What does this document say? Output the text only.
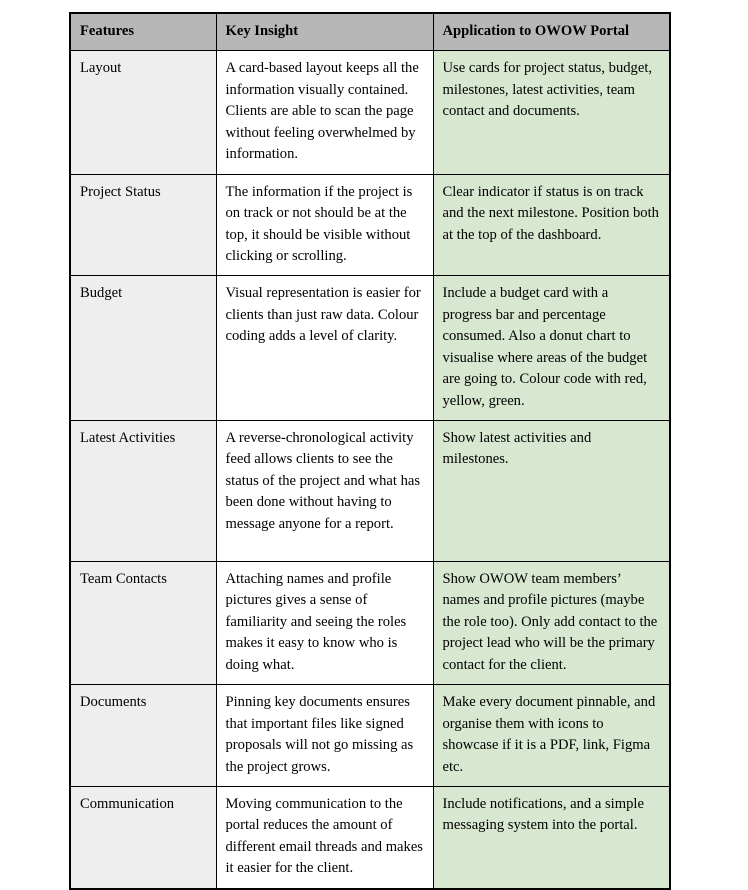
Features	Key Insight	Application to OWOW Portal
Layout	A card-based layout keeps all the information visually contained. Clients are able to scan the page without feeling overwhelmed by information.	Use cards for project status, budget, milestones, latest activities, team contact and documents.
Project Status	The information if the project is on track or not should be at the top, it should be visible without clicking or scrolling.	Clear indicator if status is on track and the next milestone. Position both at the top of the dashboard.
Budget	Visual representation is easier for clients than just raw data. Colour coding adds a level of clarity.	Include a budget card with a progress bar and percentage consumed. Also a donut chart to visualise where areas of the budget are going to. Colour code with red, yellow, green.
Latest Activities	A reverse-chronological activity feed allows clients to see the status of the project and what has been done without having to message anyone for a report.	Show latest activities and milestones.
Team Contacts	Attaching names and profile pictures gives a sense of familiarity and seeing the roles makes it easy to know who is doing what.	Show OWOW team members’ names and profile pictures (maybe the role too). Only add contact to the project lead who will be the primary contact for the client.
Documents	Pinning key documents ensures that important files like signed proposals will not go missing as the project grows.	Make every document pinnable, and organise them with icons to showcase if it is a PDF, link, Figma etc.
Communication	Moving communication to the portal reduces the amount of different email threads and makes it easier for the client.	Include notifications, and a simple messaging system into the portal.
